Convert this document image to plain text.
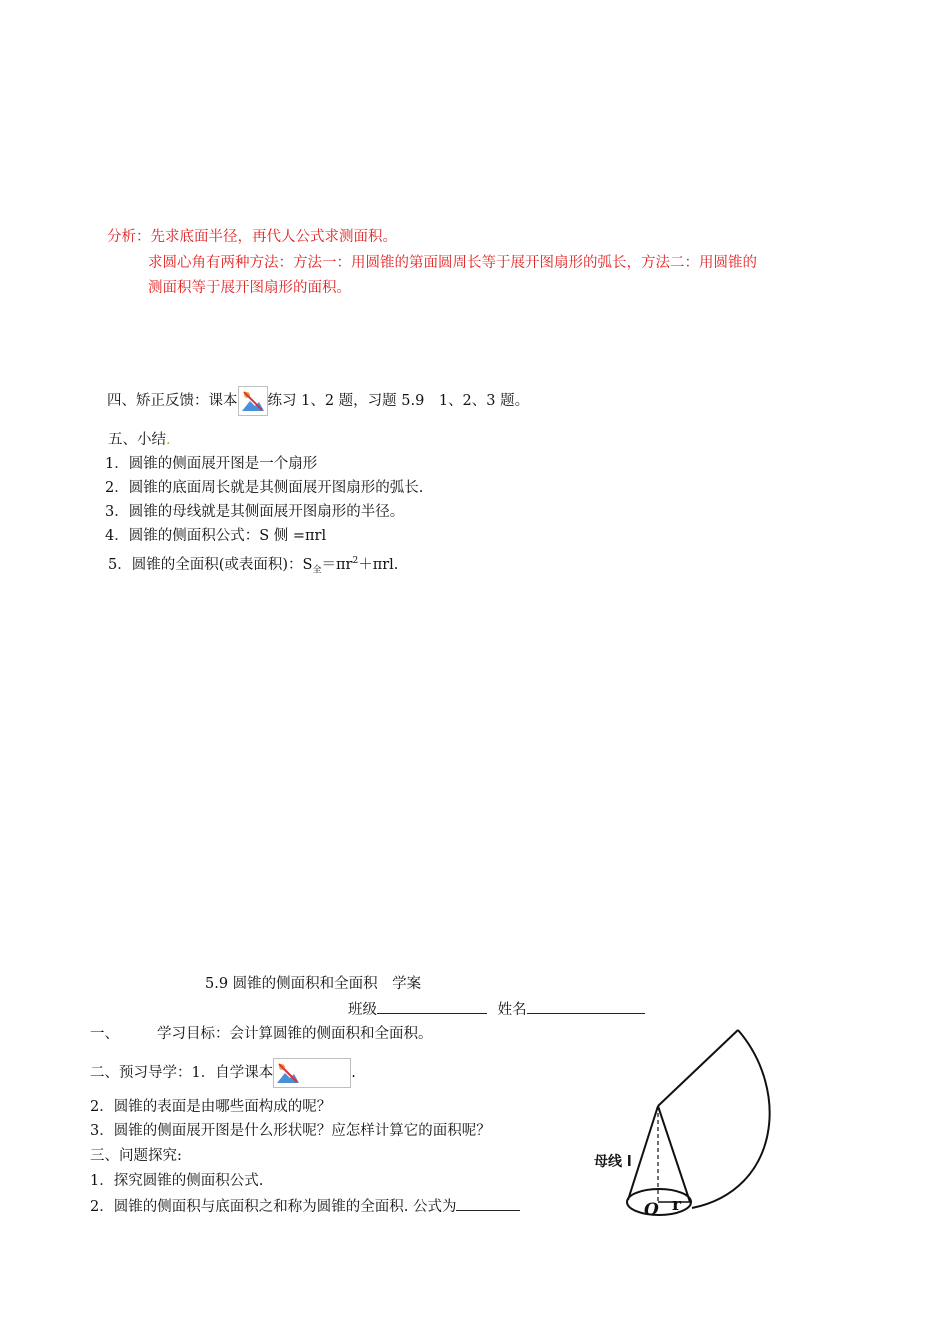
分析：先求底面半径，再代人公式求测面积。
求圆心角有两种方法：方法一：用圆锥的第面圆周长等于展开图扇形的弧长，方法二：用圆锥的
测面积等于展开图扇形的面积。
四、矫正反馈：课本 练习 1、2 题，习题 5.9　1、2、3 题。
五、小结.
1．圆锥的侧面展开图是一个扇形
2．圆锥的底面周长就是其侧面展开图扇形的弧长.
3．圆锥的母线就是其侧面展开图扇形的半径。
4．圆锥的侧面积公式：S 侧 =πrl
5．圆锥的全面积(或表面积)：$S_全=\pi r^2+\pi rl$.
5.9 圆锥的侧面积和全面积　学案
班级	姓名
一、	学习目标：会计算圆锥的侧面积和全面积。
二、预习导学：1．自学课本	.
2．圆锥的表面是由哪些面构成的呢？
3．圆锥的侧面展开图是什么形状呢？应怎样计算它的面积呢？
三、问题探究:
1．探究圆锥的侧面积公式.
2．圆锥的侧面积与底面积之和称为圆锥的全面积. 公式为
母线 l
O r
